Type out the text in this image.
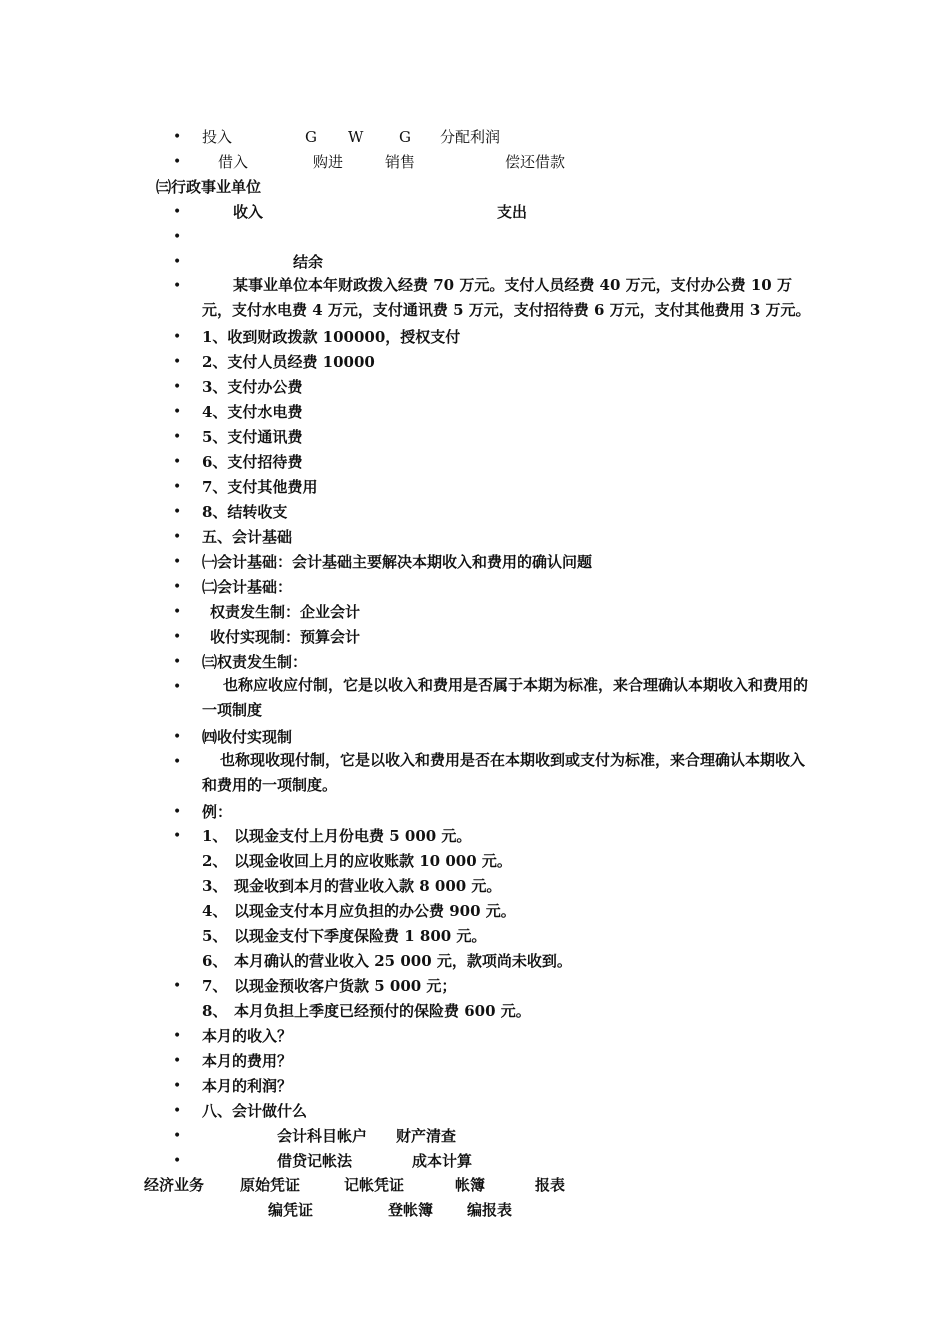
• 投入	G W G 分配利润
• 借入	购进	销售	偿还借款
㈢行政事业单位
•	收入	支出
•
•	结余
•	某事业单位本年财政拨入经费 70 万元。支付人员经费 40 万元，支付办公费 10 万元，支付水电费 4 万元，支付通讯费 5 万元，支付招待费 6 万元，支付其他费用 3 万元。
• 1、收到财政拨款 100000，授权支付
• 2、支付人员经费 10000
• 3、支付办公费
• 4、支付水电费
• 5、支付通讯费
• 6、支付招待费
• 7、支付其他费用
• 8、结转收支
• 五、会计基础
• ㈠会计基础：会计基础主要解决本期收入和费用的确认问题
• ㈡会计基础：
• 权责发生制：企业会计
• 收付实现制：预算会计
• ㈢权责发生制：
•	也称应收应付制，它是以收入和费用是否属于本期为标准，来合理确认本期收入和费用的一项制度
• ㈣收付实现制
•	也称现收现付制，它是以收入和费用是否在本期收到或支付为标准，来合理确认本期收入和费用的一项制度。
• 例：
• 1、 以现金支付上月份电费 5 000 元。
2、 以现金收回上月的应收账款 10 000 元。
3、 现金收到本月的营业收入款 8 000 元。
4、 以现金支付本月应负担的办公费 900 元。
5、 以现金支付下季度保险费 1 800 元。
6、 本月确认的营业收入 25 000 元，款项尚未收到。
• 7、 以现金预收客户货款 5 000 元；
8、 本月负担上季度已经预付的保险费 600 元。
• 本月的收入？
• 本月的费用？
• 本月的利润？
• 八、会计做什么
•	会计科目帐户 财产清查
•	借贷记帐法	成本计算
经济业务 原始凭证	记帐凭证	帐簿	报表
编凭证	登帐簿 编报表
